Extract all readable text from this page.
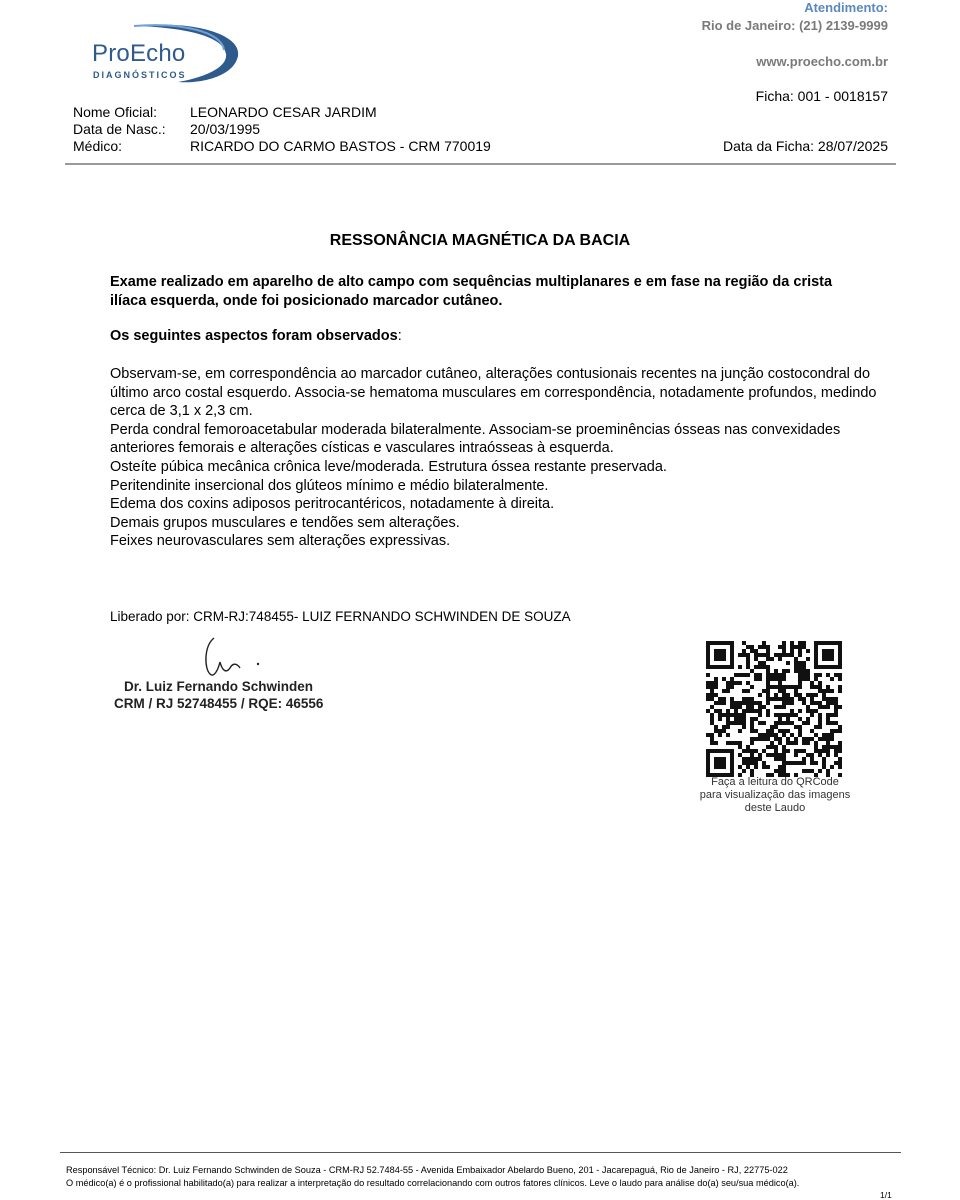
ProEcho
DIAGNÓSTICOS
Atendimento:
Rio de Janeiro: (21) 2139-9999
www.proecho.com.br
Ficha: 001 - 0018157
Nome Oficial:	LEONARDO CESAR JARDIM
Data de Nasc.:	20/03/1995
Médico:	RICARDO DO CARMO BASTOS - CRM 770019	Data da Ficha: 28/07/2025
RESSONÂNCIA MAGNÉTICA DA BACIA
Exame realizado em aparelho de alto campo com sequências multiplanares e em fase na região da crista ilíaca esquerda, onde foi posicionado marcador cutâneo.
Os seguintes aspectos foram observados:

Observam-se, em correspondência ao marcador cutâneo, alterações contusionais recentes na junção costocondral do último arco costal esquerdo. Associa-se hematoma musculares em correspondência, notadamente profundos, medindo cerca de 3,1 x 2,3 cm.

Perda condral femoroacetabular moderada bilateralmente. Associam-se proeminências ósseas nas convexidades anteriores femorais e alterações císticas e vasculares intraósseas à esquerda.

Osteíte púbica mecânica crônica leve/moderada. Estrutura óssea restante preservada.

Peritendinite insercional dos glúteos mínimo e médio bilateralmente.

Edema dos coxins adiposos peritrocantéricos, notadamente à direita.

Demais grupos musculares e tendões sem alterações.

Feixes neurovasculares sem alterações expressivas.

Liberado por: CRM-RJ:748455- LUIZ FERNANDO SCHWINDEN DE SOUZA
Dr. Luiz Fernando Schwinden
CRM / RJ 52748455 / RQE: 46556
Faça a leitura do QRCode
para visualização das imagens
deste Laudo
Responsável Técnico: Dr. Luiz Fernando Schwinden de Souza - CRM-RJ 52.7484-55 - Avenida Embaixador Abelardo Bueno, 201 - Jacarepaguá, Rio de Janeiro - RJ, 22775-022
O médico(a) é o profissional habilitado(a) para realizar a interpretação do resultado correlacionando com outros fatores clínicos. Leve o laudo para análise do(a) seu/sua médico(a).
1/1
